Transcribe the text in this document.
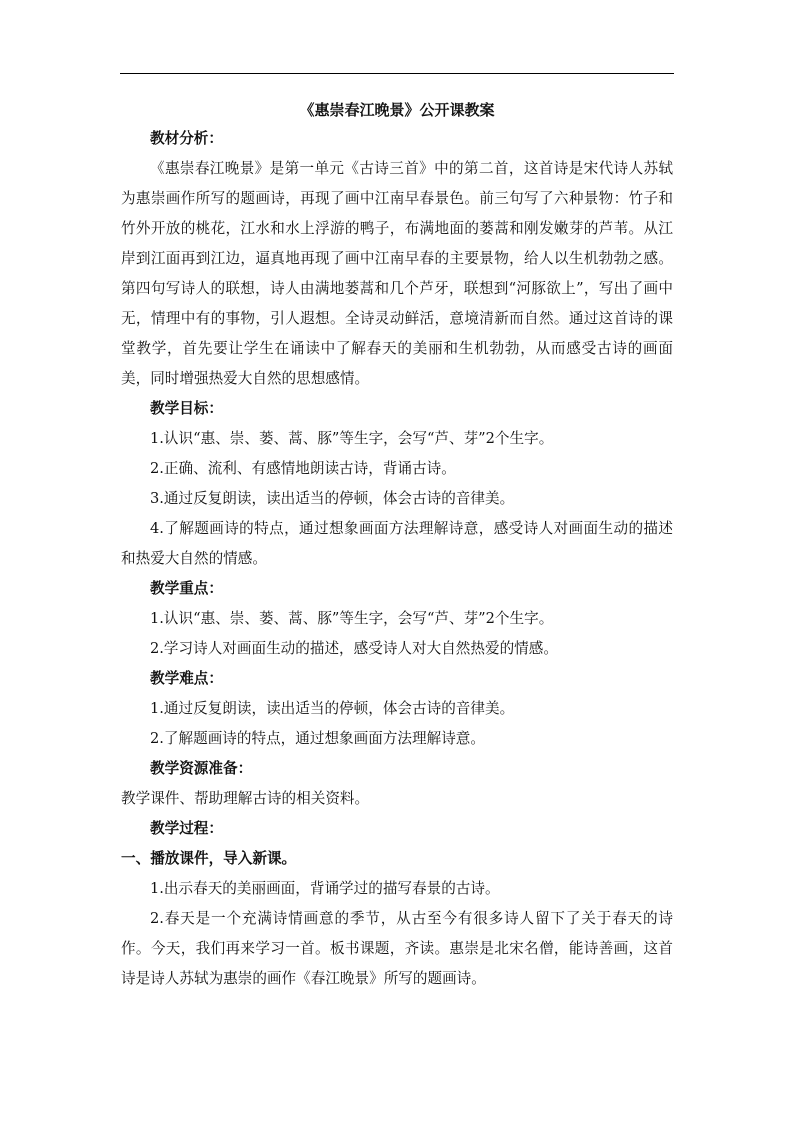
《惠崇春江晚景》公开课教案

教材分析：

《惠崇春江晚景》是第一单元《古诗三首》中的第二首，这首诗是宋代诗人苏轼为惠崇画作所写的题画诗，再现了画中江南早春景色。前三句写了六种景物：竹子和竹外开放的桃花，江水和水上浮游的鸭子，布满地面的蒌蒿和刚发嫩芽的芦苇。从江岸到江面再到江边，逼真地再现了画中江南早春的主要景物，给人以生机勃勃之感。第四句写诗人的联想，诗人由满地蒌蒿和几个芦牙，联想到“河豚欲上”，写出了画中无，情理中有的事物，引人遐想。全诗灵动鲜活，意境清新而自然。通过这首诗的课堂教学，首先要让学生在诵读中了解春天的美丽和生机勃勃，从而感受古诗的画面美，同时增强热爱大自然的思想感情。

教学目标：

1.认识“惠、崇、蒌、蒿、豚”等生字，会写“芦、芽”2个生字。

2.正确、流利、有感情地朗读古诗，背诵古诗。

3.通过反复朗读，读出适当的停顿，体会古诗的音律美。

4.了解题画诗的特点，通过想象画面方法理解诗意，感受诗人对画面生动的描述和热爱大自然的情感。

教学重点：

1.认识“惠、崇、蒌、蒿、豚”等生字，会写“芦、芽”2个生字。

2.学习诗人对画面生动的描述，感受诗人对大自然热爱的情感。

教学难点：

1.通过反复朗读，读出适当的停顿，体会古诗的音律美。

2.了解题画诗的特点，通过想象画面方法理解诗意。

教学资源准备：

教学课件、帮助理解古诗的相关资料。

教学过程：

一、播放课件，导入新课。

1.出示春天的美丽画面，背诵学过的描写春景的古诗。

2.春天是一个充满诗情画意的季节，从古至今有很多诗人留下了关于春天的诗作。今天，我们再来学习一首。板书课题，齐读。惠崇是北宋名僧，能诗善画，这首诗是诗人苏轼为惠崇的画作《春江晚景》所写的题画诗。
